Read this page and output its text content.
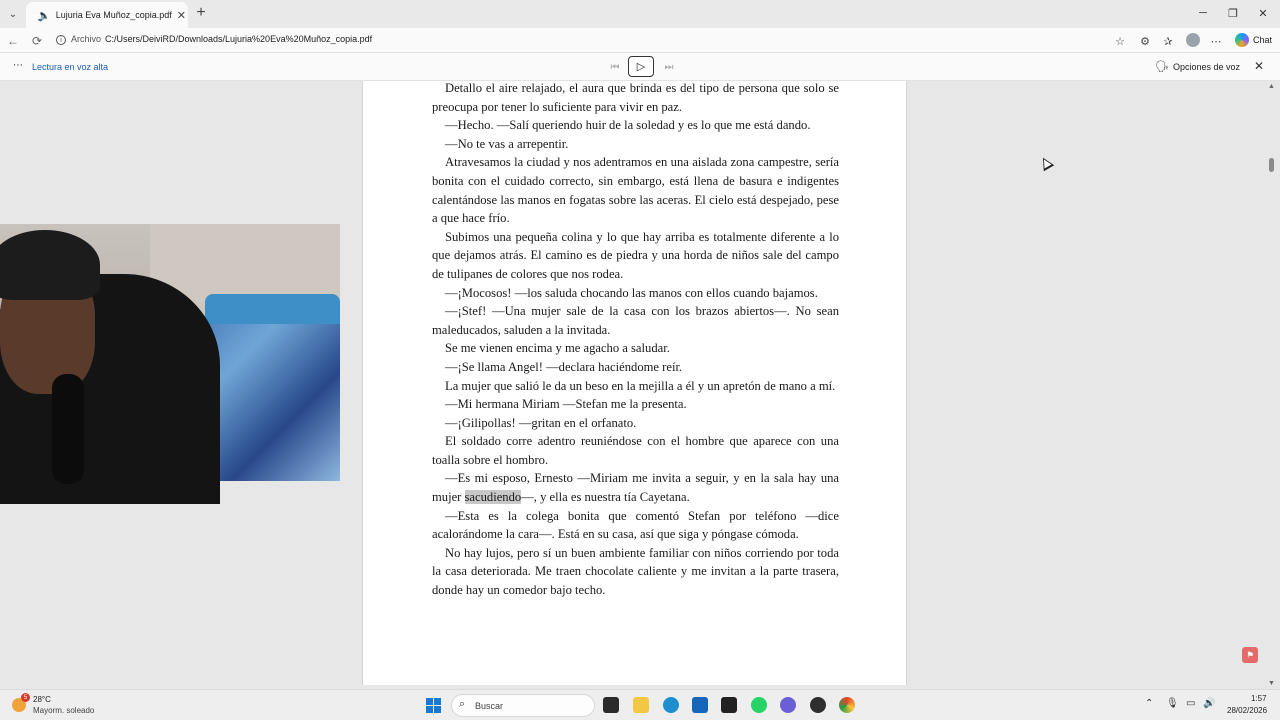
⌄	🔈 Lujuria Eva Muñoz_copia.pdf ✕ +	─	❐	✕
←	⟳	i	Archivo C:/Users/DeiviRD/Downloads/Lujuria%20Eva%20Muñoz_copia.pdf	☆	⚙	✰	⋯	Chat
⋯ Lectura en voz alta	⏮	▷	⏭	🗣 Opciones de voz ✕

Detallo el aire relajado, el aura que brinda es del tipo de persona que solo se preocupa por tener lo suficiente para vivir en paz.

—Hecho. —Salí queriendo huir de la soledad y es lo que me está dando.

—No te vas a arrepentir.

Atravesamos la ciudad y nos adentramos en una aislada zona campestre, sería bonita con el cuidado correcto, sin embargo, está llena de basura e indigentes calentándose las manos en fogatas sobre las aceras. El cielo está despejado, pese a que hace frío.

Subimos una pequeña colina y lo que hay arriba es totalmente diferente a lo que dejamos atrás. El camino es de piedra y una horda de niños sale del campo de tulipanes de colores que nos rodea.

—¡Mocosos! —los saluda chocando las manos con ellos cuando bajamos.

—¡Stef! —Una mujer sale de la casa con los brazos abiertos—. No sean maleducados, saluden a la invitada.

Se me vienen encima y me agacho a saludar.

—¡Se llama Angel! —declara haciéndome reír.

La mujer que salió le da un beso en la mejilla a él y un apretón de mano a mí.

—Mi hermana Miriam —Stefan me la presenta.

—¡Gilipollas! —gritan en el orfanato.

El soldado corre adentro reuniéndose con el hombre que aparece con una toalla sobre el hombro.

—Es mi esposo, Ernesto —Miriam me invita a seguir, y en la sala hay una mujer sacudiendo—, y ella es nuestra tía Cayetana.

—Esta es la colega bonita que comentó Stefan por teléfono —dice acalorándome la cara—. Está en su casa, así que siga y póngase cómoda.

No hay lujos, pero sí un buen ambiente familiar con niños corriendo por toda la casa deteriorada. Me traen chocolate caliente y me invitan a la parte trasera, donde hay un comedor bajo techo.

▲
▼
⚑
5 28°C
Mayorm. soleado
⌕ Buscar	⌃ 🎙 ▭ 🔊	1:57
28/02/2026
